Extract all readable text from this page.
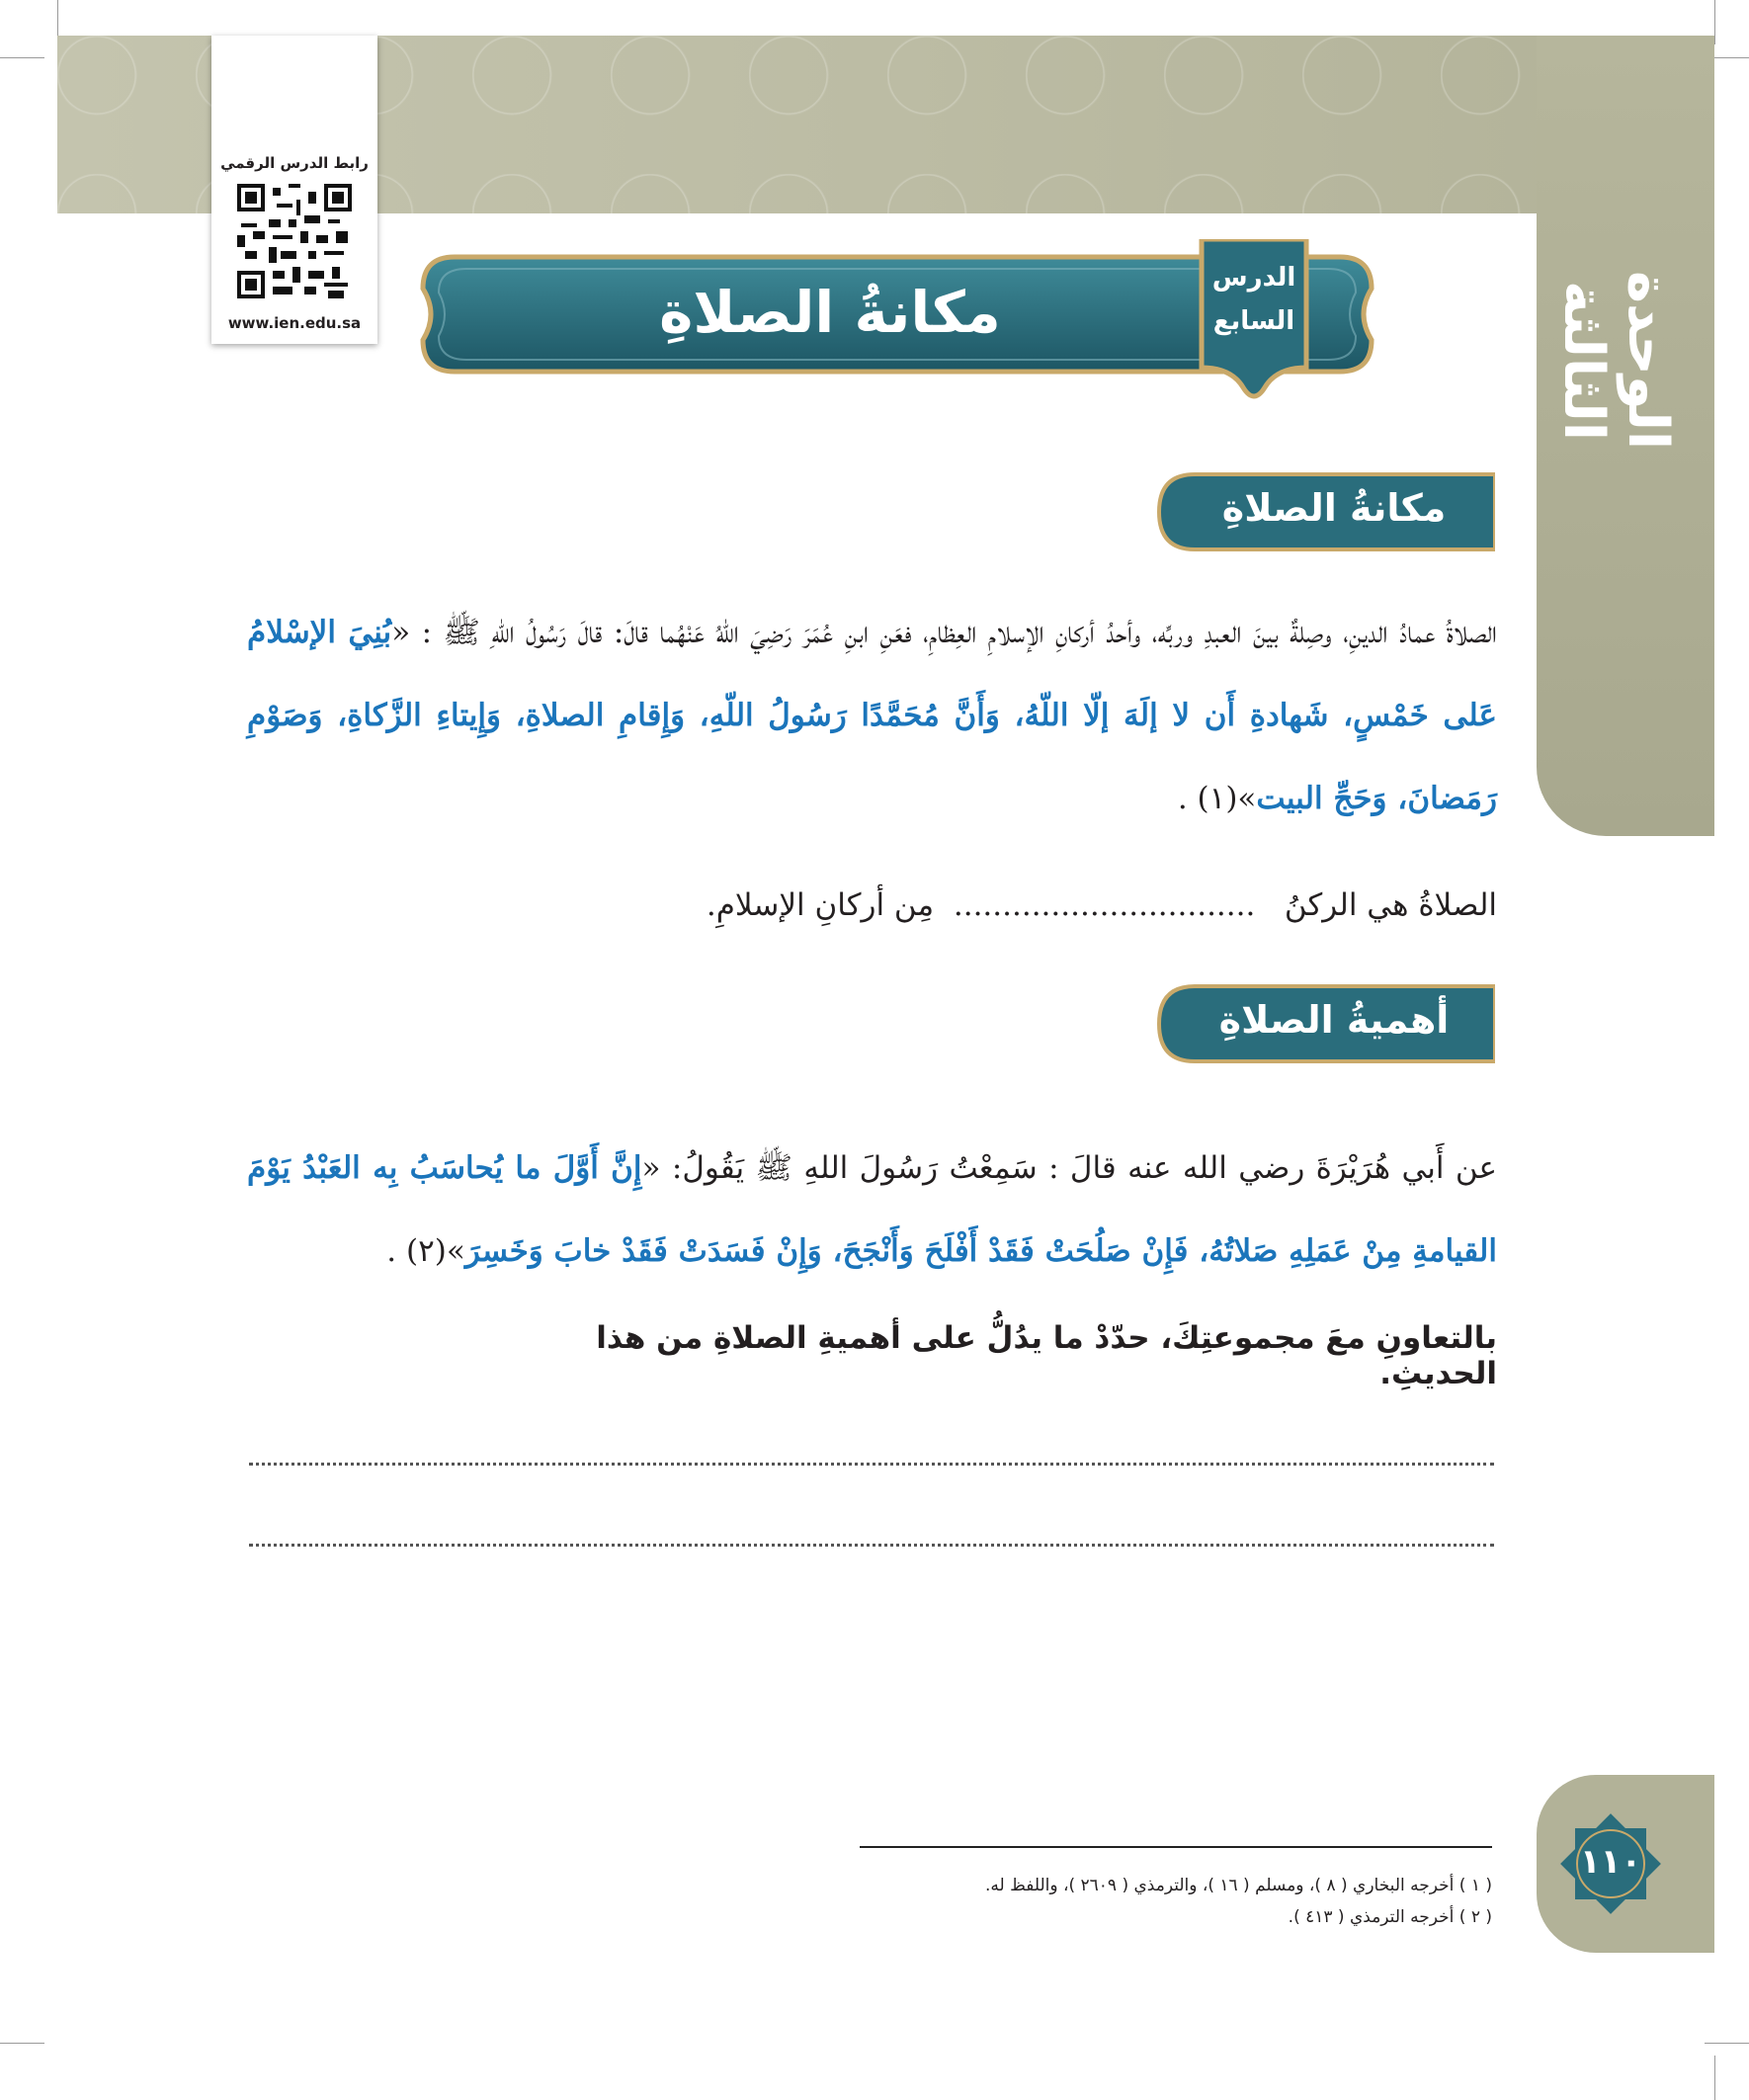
الوحدة الثالثة
رابط الدرس الرقمي
www.ien.edu.sa	مكانةُ الصلاةِ
الدرس
السابع
مكانةُ الصلاةِ
الصلاةُ عمادُ الدينِ، وصِلةٌ بينَ العبدِ وربِّه، وأحدُ أركانِ الإسلامِ العِظامِ، فعَنِ ابنِ عُمَرَ رَضِيَ اللّهُ عَنْهُما قالَ: قالَ رَسُولُ اللهِ ﷺ : «بُنِيَ الإسْلامُ عَلى خَمْسٍ، شَهادةِ أَن لا إلَهَ إلّا اللّهُ، وَأَنَّ مُحَمَّدًا رَسُولُ اللّهِ، وَإِقامِ الصلاةِ، وَإِيتاءِ الزَّكاةِ، وَصَوْمِ رَمَضانَ، وَحَجِّ البيت»(١) .
الصلاةُ هي الركنُ   ...............................  مِن أركانِ الإسلامِ.
أهميةُ الصلاةِ
عن أَبي هُرَيْرَةَ رضي الله عنه قالَ : سَمِعْتُ رَسُولَ اللهِ ﷺ يَقُولُ: «إِنَّ أَوَّلَ ما يُحاسَبُ بِه العَبْدُ يَوْمَ القيامةِ مِنْ عَمَلِهِ صَلاتُهُ، فَإِنْ صَلُحَتْ فَقَدْ أَفْلَحَ وَأَنْجَحَ، وَإِنْ فَسَدَتْ فَقَدْ خابَ وَخَسِرَ»(٢) .
بالتعاونِ معَ مجموعتِكَ، حدّدْ ما يدُلُّ على أهميةِ الصلاةِ من هذا الحديثِ.
( ١ ) أخرجه البخاري ( ٨ )، ومسلم ( ١٦ )، والترمذي ( ٢٦٠٩ )، واللفظ له.
( ٢ ) أخرجه الترمذي ( ٤١٣ ).
١١٠
